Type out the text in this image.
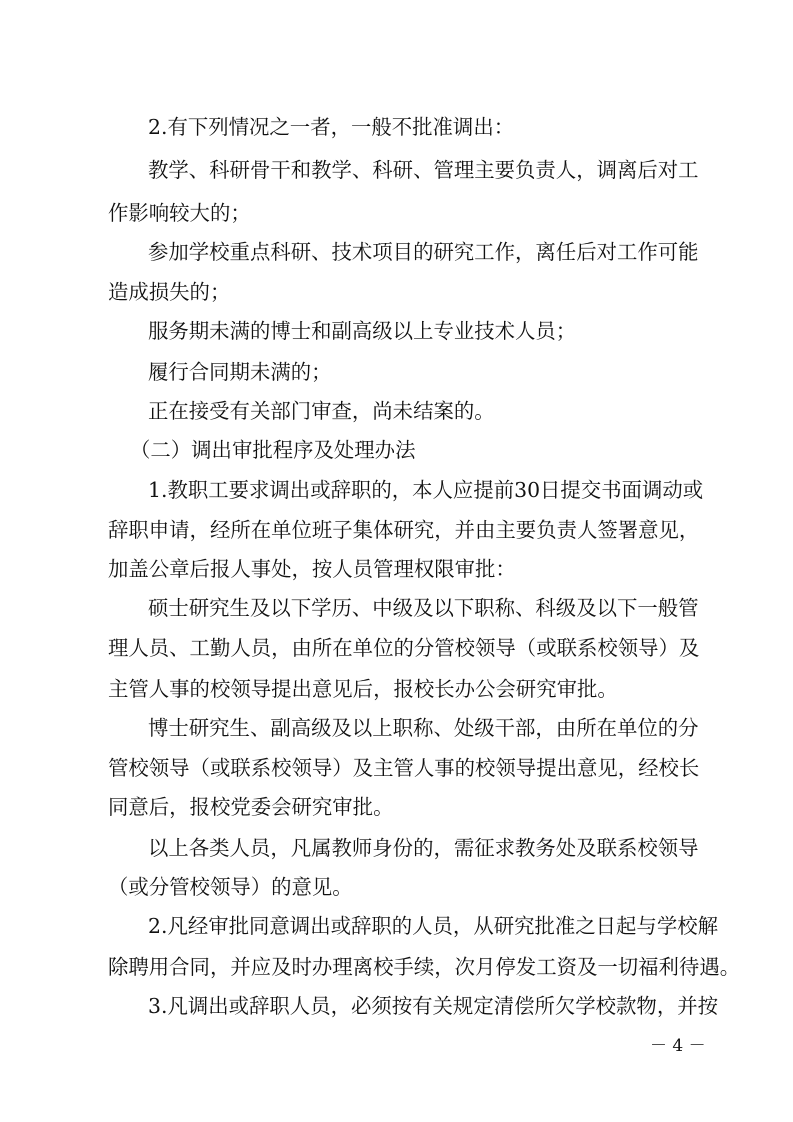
2.有下列情况之一者，一般不批准调出：
教学、科研骨干和教学、科研、管理主要负责人，调离后对工
作影响较大的；
参加学校重点科研、技术项目的研究工作，离任后对工作可能
造成损失的；
服务期未满的博士和副高级以上专业技术人员；
履行合同期未满的；
正在接受有关部门审查，尚未结案的。
（二）调出审批程序及处理办法
1.教职工要求调出或辞职的，本人应提前30日提交书面调动或
辞职申请，经所在单位班子集体研究，并由主要负责人签署意见，
加盖公章后报人事处，按人员管理权限审批：
硕士研究生及以下学历、中级及以下职称、科级及以下一般管
理人员、工勤人员，由所在单位的分管校领导（或联系校领导）及
主管人事的校领导提出意见后，报校长办公会研究审批。
博士研究生、副高级及以上职称、处级干部，由所在单位的分
管校领导（或联系校领导）及主管人事的校领导提出意见，经校长
同意后，报校党委会研究审批。
以上各类人员，凡属教师身份的，需征求教务处及联系校领导
（或分管校领导）的意见。
2.凡经审批同意调出或辞职的人员，从研究批准之日起与学校解
除聘用合同，并应及时办理离校手续，次月停发工资及一切福利待遇。
3.凡调出或辞职人员，必须按有关规定清偿所欠学校款物，并按
－ 4 －
